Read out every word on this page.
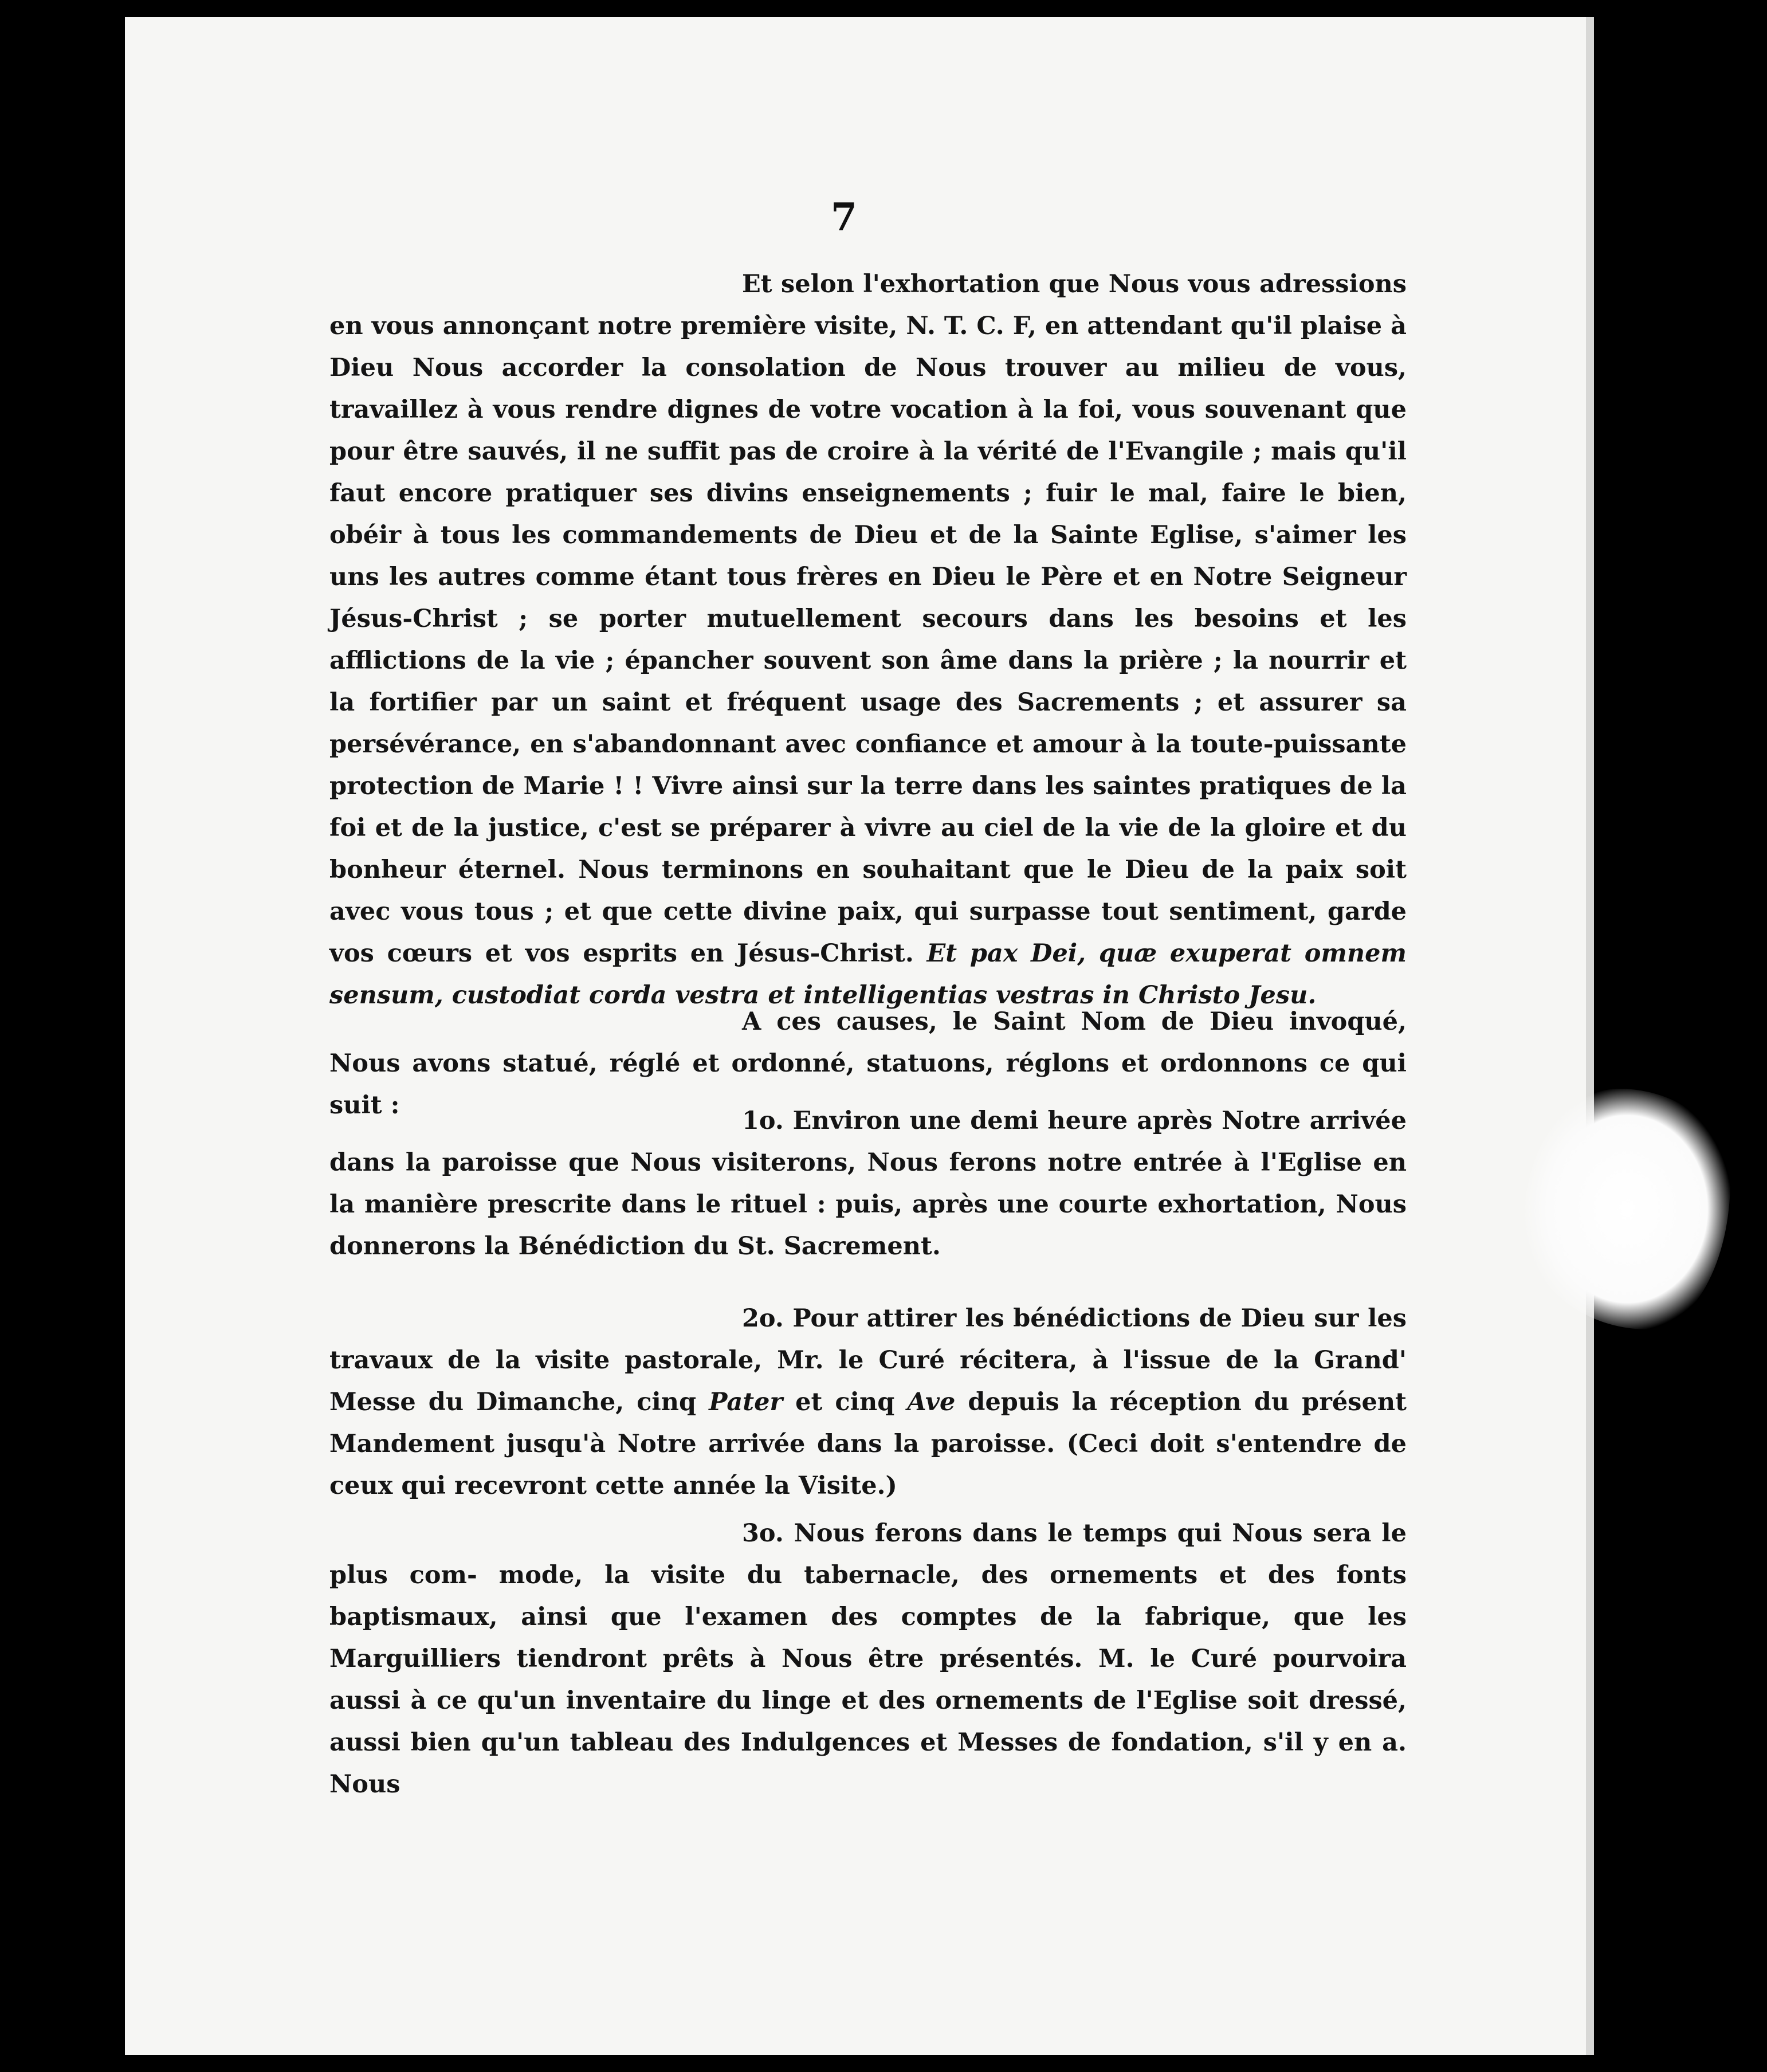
7

Et selon l'exhortation que Nous vous adressions en vous annonçant notre première visite, N. T. C. F, en attendant qu'il plaise à Dieu Nous accorder la consolation de Nous trouver au milieu de vous, travaillez à vous rendre dignes de votre vocation à la foi, vous souvenant que pour être sauvés, il ne suffit pas de croire à la vérité de l'Evangile ; mais qu'il faut encore pratiquer ses divins enseignements ; fuir le mal, faire le bien, obéir à tous les commandements de Dieu et de la Sainte Eglise, s'aimer les uns les autres comme étant tous frères en Dieu le Père et en Notre Seigneur Jésus-Christ ; se porter mutuellement secours dans les besoins et les afflictions de la vie ; épancher souvent son âme dans la prière ; la nourrir et la fortifier par un saint et fréquent usage des Sacrements ; et assurer sa persévérance, en s'abandonnant avec confiance et amour à la toute-puissante protection de Marie ! ! Vivre ainsi sur la terre dans les saintes pratiques de la foi et de la justice, c'est se préparer à vivre au ciel de la vie de la gloire et du bonheur éternel. Nous terminons en souhaitant que le Dieu de la paix soit avec vous tous ; et que cette divine paix, qui surpasse tout sentiment, garde vos cœurs et vos esprits en Jésus-Christ. Et pax Dei, quæ exuperat omnem sensum, custodiat corda vestra et intelligentias vestras in Christo Jesu.

A ces causes, le Saint Nom de Dieu invoqué, Nous avons statué, réglé et ordonné, statuons, réglons et ordonnons ce qui suit :

1o. Environ une demi heure après Notre arrivée dans la paroisse que Nous visiterons, Nous ferons notre entrée à l'Eglise en la manière prescrite dans le rituel : puis, après une courte exhortation, Nous donnerons la Bénédiction du St. Sacrement.

2o. Pour attirer les bénédictions de Dieu sur les travaux de la visite pastorale, Mr. le Curé récitera, à l'issue de la Grand' Messe du Dimanche, cinq Pater et cinq Ave depuis la réception du présent Mandement jusqu'à Notre arrivée dans la paroisse. (Ceci doit s'entendre de ceux qui recevront cette année la Visite.)

3o. Nous ferons dans le temps qui Nous sera le plus com- mode, la visite du tabernacle, des ornements et des fonts baptismaux, ainsi que l'examen des comptes de la fabrique, que les Marguilliers tiendront prêts à Nous être présentés. M. le Curé pourvoira aussi à ce qu'un inventaire du linge et des ornements de l'Eglise soit dressé, aussi bien qu'un tableau des Indulgences et Messes de fondation, s'il y en a. Nous
